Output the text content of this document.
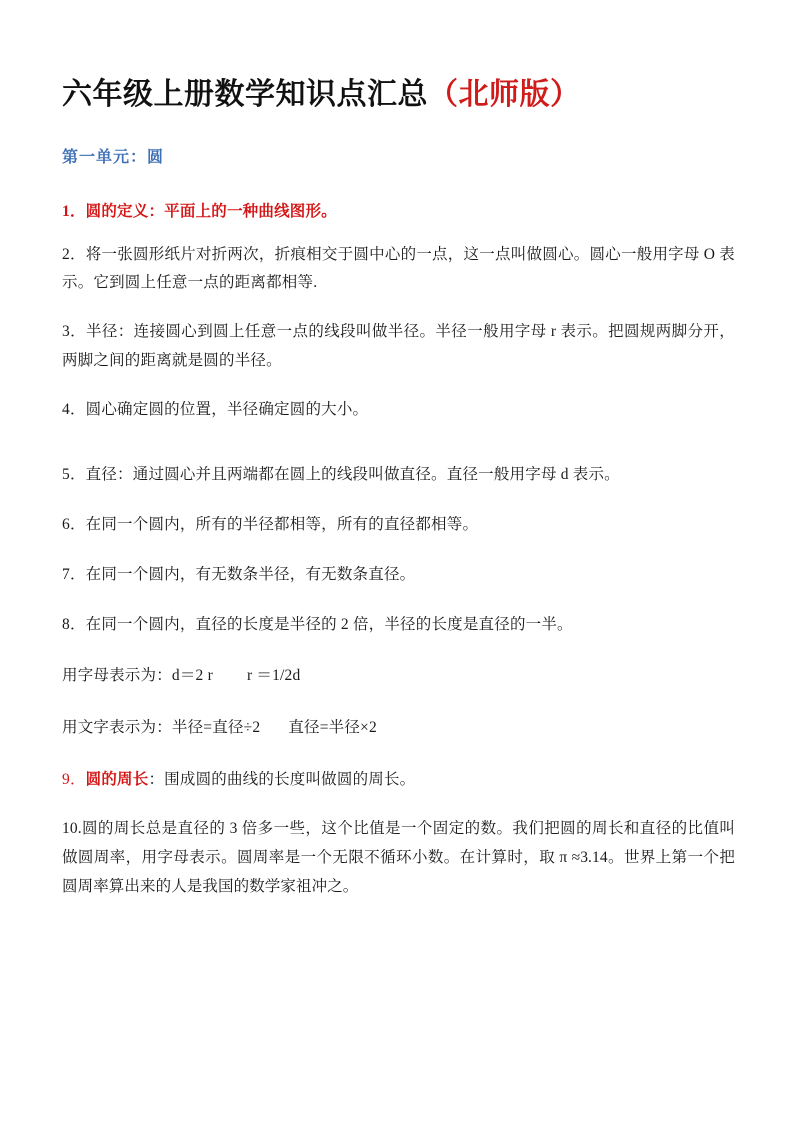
六年级上册数学知识点汇总（北师版）
第一单元：圆

1．圆的定义：平面上的一种曲线图形。

2．将一张圆形纸片对折两次，折痕相交于圆中心的一点，这一点叫做圆心。圆心一般用字母 O 表示。它到圆上任意一点的距离都相等.

3．半径：连接圆心到圆上任意一点的线段叫做半径。半径一般用字母 r 表示。把圆规两脚分开，两脚之间的距离就是圆的半径。

4．圆心确定圆的位置，半径确定圆的大小。

5．直径：通过圆心并且两端都在圆上的线段叫做直径。直径一般用字母 d 表示。

6．在同一个圆内，所有的半径都相等，所有的直径都相等。

7．在同一个圆内，有无数条半径，有无数条直径。

8．在同一个圆内，直径的长度是半径的 2 倍，半径的长度是直径的一半。

用字母表示为：d＝2 r r ＝1/2d

用文字表示为：半径=直径÷2 直径=半径×2

9．圆的周长：围成圆的曲线的长度叫做圆的周长。

10.圆的周长总是直径的 3 倍多一些，这个比值是一个固定的数。我们把圆的周长和直径的比值叫做圆周率，用字母表示。圆周率是一个无限不循环小数。在计算时，取 π ≈3.14。世界上第一个把圆周率算出来的人是我国的数学家祖冲之。
